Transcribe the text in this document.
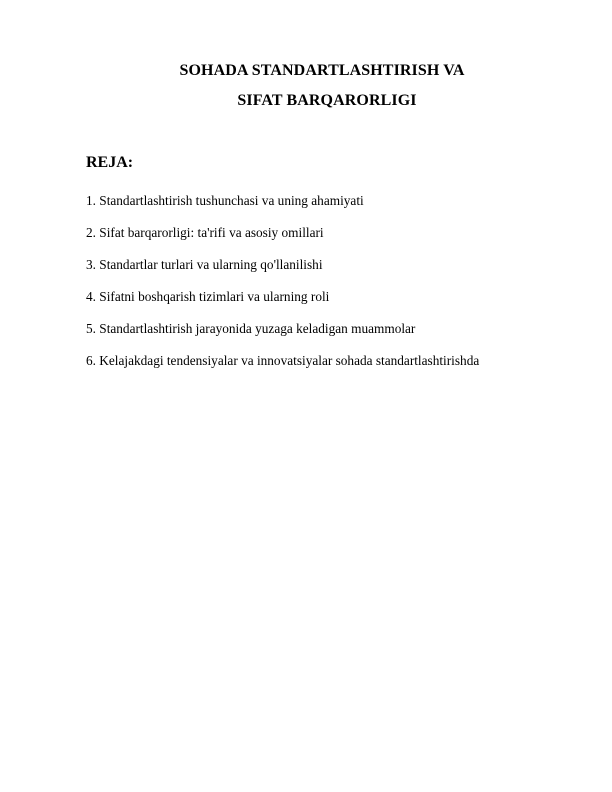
SOHADA STANDARTLASHTIRISH VA
SIFAT BARQARORLIGI
REJA:
1. Standartlashtirish tushunchasi va uning ahamiyati
2. Sifat barqarorligi: ta'rifi va asosiy omillari
3. Standartlar turlari va ularning qo'llanilishi
4. Sifatni boshqarish tizimlari va ularning roli
5. Standartlashtirish jarayonida yuzaga keladigan muammolar
6. Kelajakdagi tendensiyalar va innovatsiyalar sohada standartlashtirishda
